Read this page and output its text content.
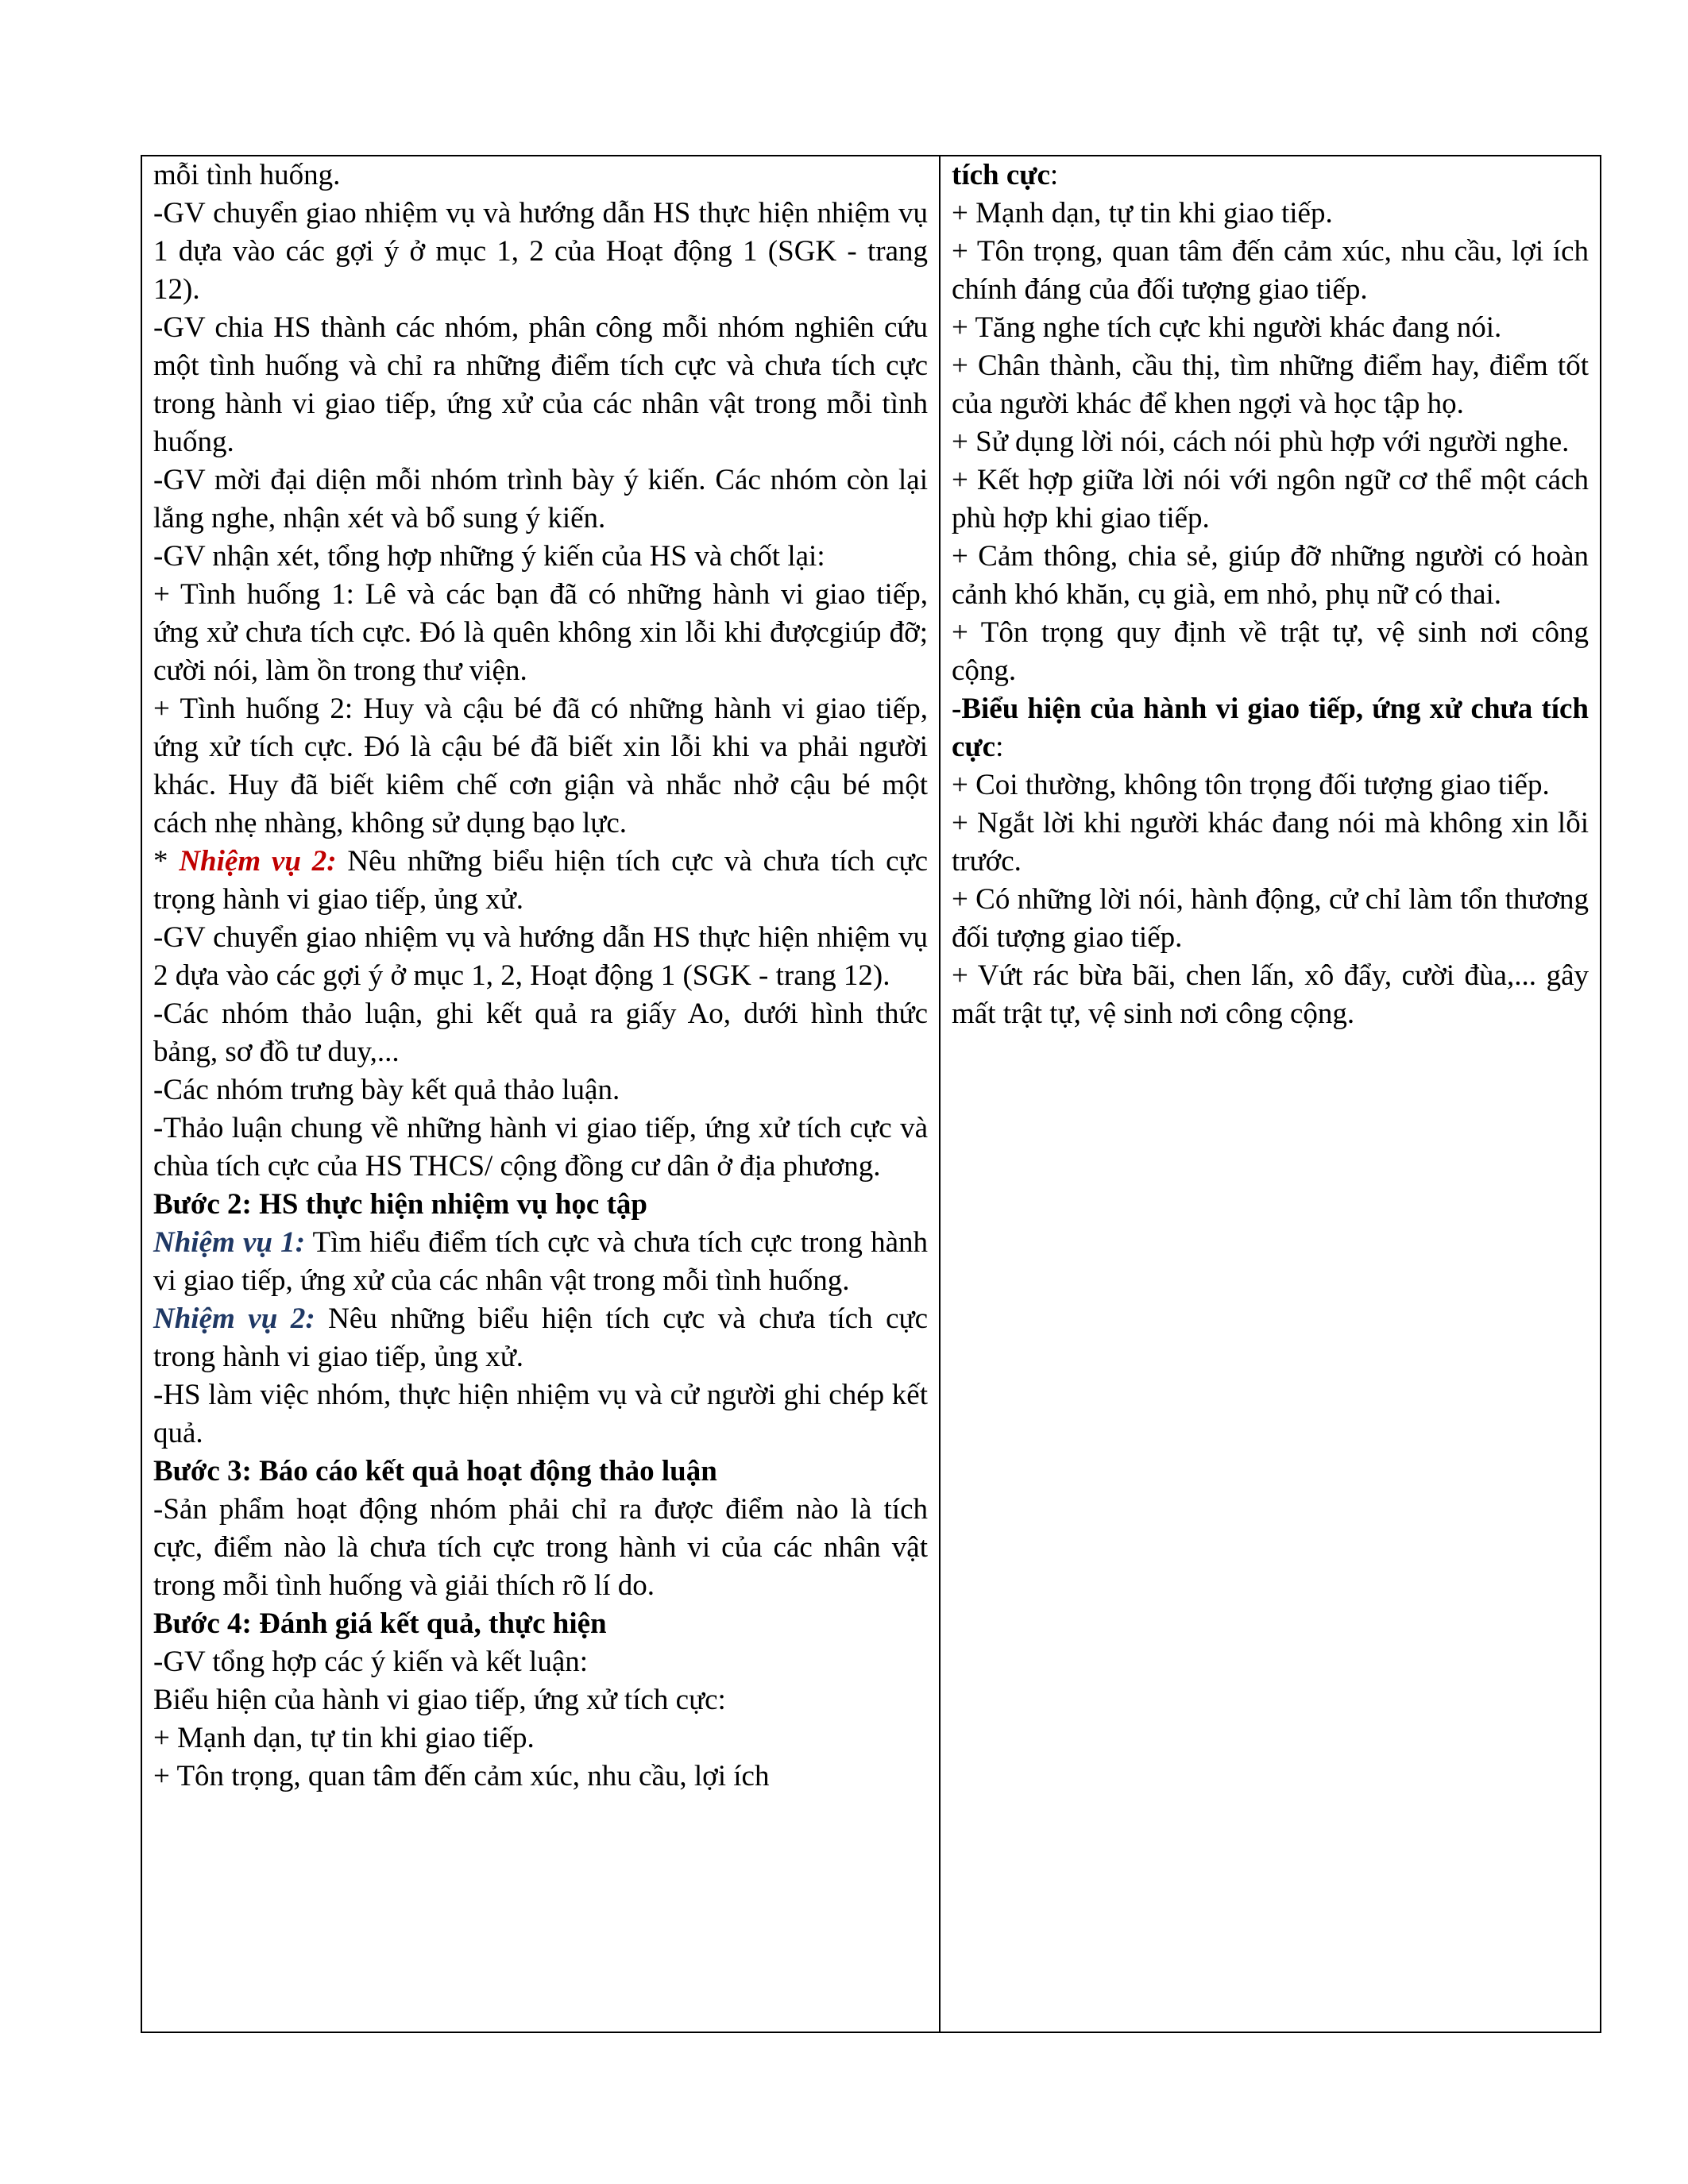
mỗi tình huống.
-GV chuyển giao nhiệm vụ và hướng dẫn HS thực hiện nhiệm vụ 1 dựa vào các gợi ý ở mục 1, 2 của Hoạt động 1 (SGK - trang 12).
-GV chia HS thành các nhóm, phân công mỗi nhóm nghiên cứu một tình huống và chỉ ra những điểm tích cực và chưa tích cực trong hành vi giao tiếp, ứng xử của các nhân vật trong mỗi tình huống.
-GV mời đại diện mỗi nhóm trình bày ý kiến. Các nhóm còn lại lắng nghe, nhận xét và bổ sung ý kiến.
-GV nhận xét, tổng hợp những ý kiến của HS và chốt lại:
+ Tình huống 1: Lê và các bạn đã có những hành vi giao tiếp, ứng xử chưa tích cực. Đó là quên không xin lỗi khi đượcgiúp đỡ; cười nói, làm ồn trong thư viện.
+ Tình huống 2: Huy và cậu bé đã có những hành vi giao tiếp, ứng xử tích cực. Đó là cậu bé đã biết xin lỗi khi va phải người khác. Huy đã biết kiêm chế cơn giận và nhắc nhở cậu bé một cách nhẹ nhàng, không sử dụng bạo lực.
* Nhiệm vụ 2: Nêu những biểu hiện tích cực và chưa tích cực trọng hành vi giao tiếp, ủng xử.
-GV chuyển giao nhiệm vụ và hướng dẫn HS thực hiện nhiệm vụ 2 dựa vào các gợi ý ở mục 1, 2, Hoạt động 1 (SGK - trang 12).
-Các nhóm thảo luận, ghi kết quả ra giấy Ao, dưới hình thức bảng, sơ đồ tư duy,...
-Các nhóm trưng bày kết quả thảo luận.
-Thảo luận chung về những hành vi giao tiếp, ứng xử tích cực và chùa tích cực của HS THCS/ cộng đồng cư dân ở địa phương.
Bước 2: HS thực hiện nhiệm vụ học tập
Nhiệm vụ 1: Tìm hiểu điểm tích cực và chưa tích cực trong hành vi giao tiếp, ứng xử của các nhân vật trong mỗi tình huống.
Nhiệm vụ 2: Nêu những biểu hiện tích cực và chưa tích cực trong hành vi giao tiếp, ủng xử.
-HS làm việc nhóm, thực hiện nhiệm vụ và cử người ghi chép kết quả.
Bước 3: Báo cáo kết quả hoạt động thảo luận
-Sản phẩm hoạt động nhóm phải chỉ ra được điểm nào là tích cực, điểm nào là chưa tích cực trong hành vi của các nhân vật trong mỗi tình huống và giải thích rõ lí do.
Bước 4: Đánh giá kết quả, thực hiện
-GV tổng hợp các ý kiến và kết luận:
Biểu hiện của hành vi giao tiếp, ứng xử tích cực:
+ Mạnh dạn, tự tin khi giao tiếp.
+ Tôn trọng, quan tâm đến cảm xúc, nhu cầu, lợi ích

tích cực:
+ Mạnh dạn, tự tin khi giao tiếp.
+ Tôn trọng, quan tâm đến cảm xúc, nhu cầu, lợi ích chính đáng của đối tượng giao tiếp.
+ Tăng nghe tích cực khi người khác đang nói.
+ Chân thành, cầu thị, tìm những điểm hay, điểm tốt của người khác để khen ngợi và học tập họ.
+ Sử dụng lời nói, cách nói phù hợp với người nghe.
+ Kết hợp giữa lời nói với ngôn ngữ cơ thể một cách phù hợp khi giao tiếp.
+ Cảm thông, chia sẻ, giúp đỡ những người có hoàn cảnh khó khăn, cụ già, em nhỏ, phụ nữ có thai.
+ Tôn trọng quy định về trật tự, vệ sinh nơi công cộng.
-Biểu hiện của hành vi giao tiếp, ứng xử chưa tích cực:
+ Coi thường, không tôn trọng đối tượng giao tiếp.
+ Ngắt lời khi người khác đang nói mà không xin lỗi trước.
+ Có những lời nói, hành động, cử chỉ làm tổn thương đối tượng giao tiếp.
+ Vứt rác bừa bãi, chen lấn, xô đẩy, cười đùa,... gây mất trật tự, vệ sinh nơi công cộng.
